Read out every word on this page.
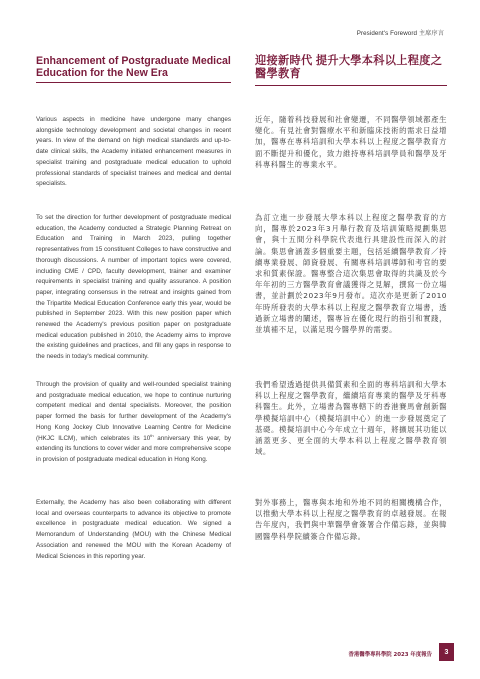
President's Foreword 主席序言
Enhancement of Postgraduate Medical Education for the New Era

Various aspects in medicine have undergone many changes alongside technology development and societal changes in recent years. In view of the demand on high medical standards and up-to-date clinical skills, the Academy initiated enhancement measures in specialist training and postgraduate medical education to uphold professional standards of specialist trainees and medical and dental specialists.

To set the direction for further development of postgraduate medical education, the Academy conducted a Strategic Planning Retreat on Education and Training in March 2023, pulling together representatives from 15 constituent Colleges to have constructive and thorough discussions. A number of important topics were covered, including CME / CPD, faculty development, trainer and examiner requirements in specialist training and quality assurance. A position paper, integrating consensus in the retreat and insights gained from the Tripartite Medical Education Conference early this year, would be published in September 2023. With this new position paper which renewed the Academy's previous position paper on postgraduate medical education published in 2010, the Academy aims to improve the existing guidelines and practices, and fill any gaps in response to the needs in today's medical community.

Through the provision of quality and well-rounded specialist training and postgraduate medical education, we hope to continue nurturing competent medical and dental specialists. Moreover, the position paper formed the basis for further development of the Academy's Hong Kong Jockey Club Innovative Learning Centre for Medicine (HKJC ILCM), which celebrates its 10th anniversary this year, by extending its functions to cover wider and more comprehensive scope in provision of postgraduate medical education in Hong Kong.

Externally, the Academy has also been collaborating with different local and overseas counterparts to advance its objective to promote excellence in postgraduate medical education. We signed a Memorandum of Understanding (MOU) with the Chinese Medical Association and renewed the MOU with the Korean Academy of Medical Sciences in this reporting year.

迎接新時代 提升大學本科以上程度之醫學教育

近年，隨着科技發展和社會變遷，不同醫學領域都產生變化。有見社會對醫療水平和新臨床技術的需求日益增加，醫專在專科培訓和大學本科以上程度之醫學教育方面不斷提升和優化，致力維持專科培訓學員和醫學及牙科專科醫生的專業水平。

為訂立進一步發展大學本科以上程度之醫學教育的方向，醫專於2023年3月舉行教育及培訓策略規劃集思會，與十五間分科學院代表進行具建設性而深入的討論。集思會涵蓋多個重要主題，包括延續醫學教育／持續專業發展、師資發展、有關專科培訓導師和考官的要求和質素保證。醫專整合這次集思會取得的共識及於今年年初的三方醫學教育會議獲得之見解，撰寫一份立場書，並計劃於2023年9月發布。這次亦是更新了2010年時所發表的大學本科以上程度之醫學教育立場書，透過新立場書的闡述，醫專旨在優化現行的指引和實踐，並填補不足，以滿足現今醫學界的需要。

我們希望透過提供具備質素和全面的專科培訓和大學本科以上程度之醫學教育，繼續培育專業的醫學及牙科專科醫生。此外，立場書為醫專轄下的香港賽馬會創新醫學模擬培訓中心（模擬培訓中心）的進一步發展奠定了基礎。模擬培訓中心今年成立十週年，將擴展其功能以涵蓋更多、更全面的大學本科以上程度之醫學教育領域。

對外事務上，醫專與本地和外地不同的相關機構合作，以推動大學本科以上程度之醫學教育的卓越發展。在報告年度內，我們與中華醫學會簽署合作備忘錄，並與韓國醫學科學院續簽合作備忘錄。

香港醫學專科學院 2023 年度報告	3
